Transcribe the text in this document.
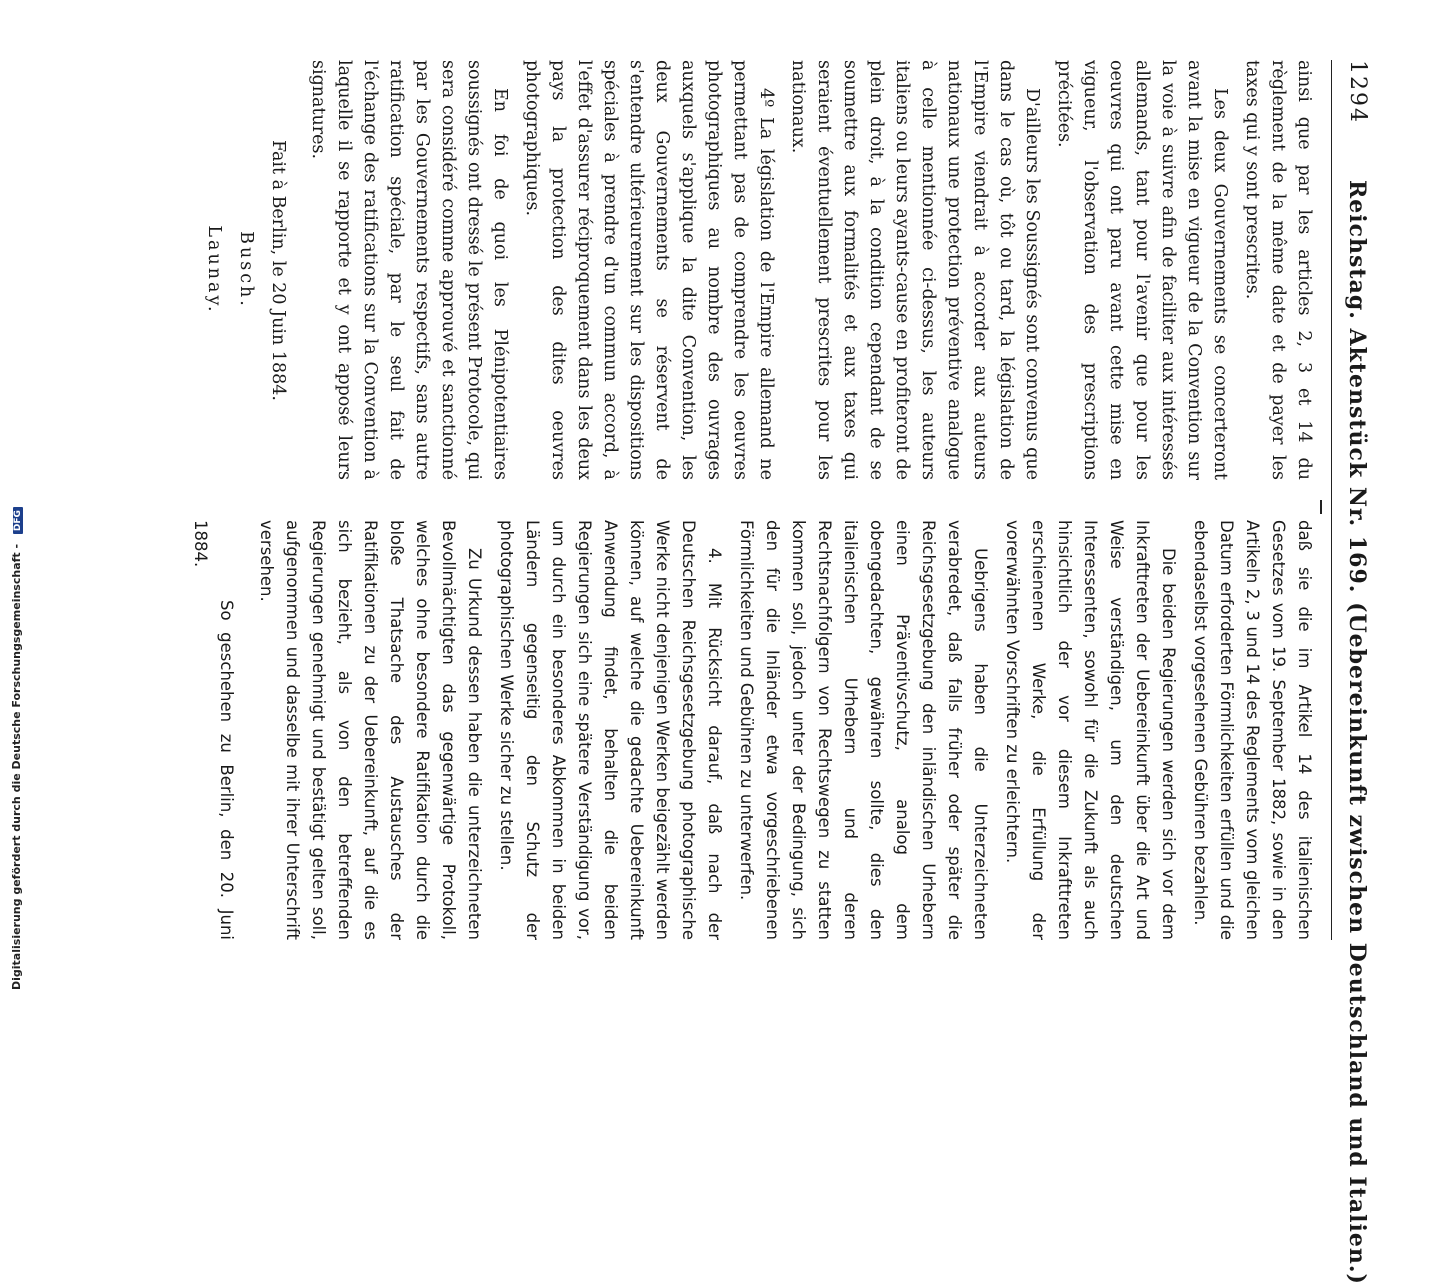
1294
Reichstag. Aktenstück Nr. 169. (Uebereinkunft zwischen Deutschland und Italien.)

ainsi que par les articles 2, 3 et 14 du règlement de la même date et de payer les taxes qui y sont prescrites.

Les deux Gouvernements se concerteront avant la mise en vigueur de la Convention sur la voie à suivre afin de faciliter aux intéressés allemands, tant pour l'avenir que pour les oeuvres qui ont paru avant cette mise en vigueur, l'observation des prescriptions précitées.

D'ailleurs les Soussignés sont convenus que dans le cas où, tôt ou tard, la législation de l'Empire viendrait à accorder aux auteurs nationaux une protection préventive analogue à celle mentionnée ci-dessus, les auteurs italiens ou leurs ayants-cause en profiteront de plein droit, à la condition cependant de se soumettre aux formalités et aux taxes qui seraient éventuellement prescrites pour les nationaux.

4º La législation de l'Empire allemand ne permettant pas de comprendre les oeuvres photographiques au nombre des ouvrages auxquels s'applique la dite Convention, les deux Gouvernements se réservent de s'entendre ultérieurement sur les dispositions spéciales à prendre d'un commun accord, à l'effet d'assurer réciproquement dans les deux pays la protection des dites oeuvres photographiques.

En foi de quoi les Plénipotentiaires soussignés ont dressé le présent Protocole, qui sera considéré comme approuvé et sanctionné par les Gouvernements respectifs, sans autre ratification spéciale, par le seul fait de l'échange des ratifications sur la Convention à laquelle il se rapporte et y ont apposé leurs signatures.

Fait à Berlin, le 20 Juin 1884.

Busch.

Launay.

daß sie die im Artikel 14 des italienischen Gesetzes vom 19. September 1882, sowie in den Artikeln 2, 3 und 14 des Reglements vom gleichen Datum erforderten Förmlichkeiten erfüllen und die ebendaselbst vorgesehenen Gebühren bezahlen.

Die beiden Regierungen werden sich vor dem Inkrafttreten der Uebereinkunft über die Art und Weise verständigen, um den deutschen Interessenten, sowohl für die Zukunft als auch hinsichtlich der vor diesem Inkrafttreten erschienenen Werke, die Erfüllung der vorerwähnten Vorschriften zu erleichtern.

Uebrigens haben die Unterzeichneten verabredet, daß falls früher oder später die Reichsgesetzgebung den inländischen Urhebern einen Präventivschutz, analog dem obengedachten, gewähren sollte, dies den italienischen Urhebern und deren Rechtsnachfolgern von Rechtswegen zu statten kommen soll, jedoch unter der Bedingung, sich den für die Inländer etwa vorgeschriebenen Förmlichkeiten und Gebühren zu unterwerfen.

4. Mit Rücksicht darauf, daß nach der Deutschen Reichsgesetzgebung photographische Werke nicht denjenigen Werken beigezählt werden können, auf welche die gedachte Uebereinkunft Anwendung findet, behalten die beiden Regierungen sich eine spätere Verständigung vor, um durch ein besonderes Abkommen in beiden Ländern gegenseitig den Schutz der photographischen Werke sicher zu stellen.

Zu Urkund dessen haben die unterzeichneten Bevollmächtigten das gegenwärtige Protokoll, welches ohne besondere Ratifikation durch die bloße Thatsache des Austausches der Ratifikationen zu der Uebereinkunft, auf die es sich bezieht, als von den betreffenden Regierungen genehmigt und bestätigt gelten soll, aufgenommen und dasselbe mit ihrer Unterschrift versehen.

So geschehen zu Berlin, den 20. Juni 1884.

Digitalisierung gefördert durch die Deutsche Forschungsgemeinschaft - DFG
